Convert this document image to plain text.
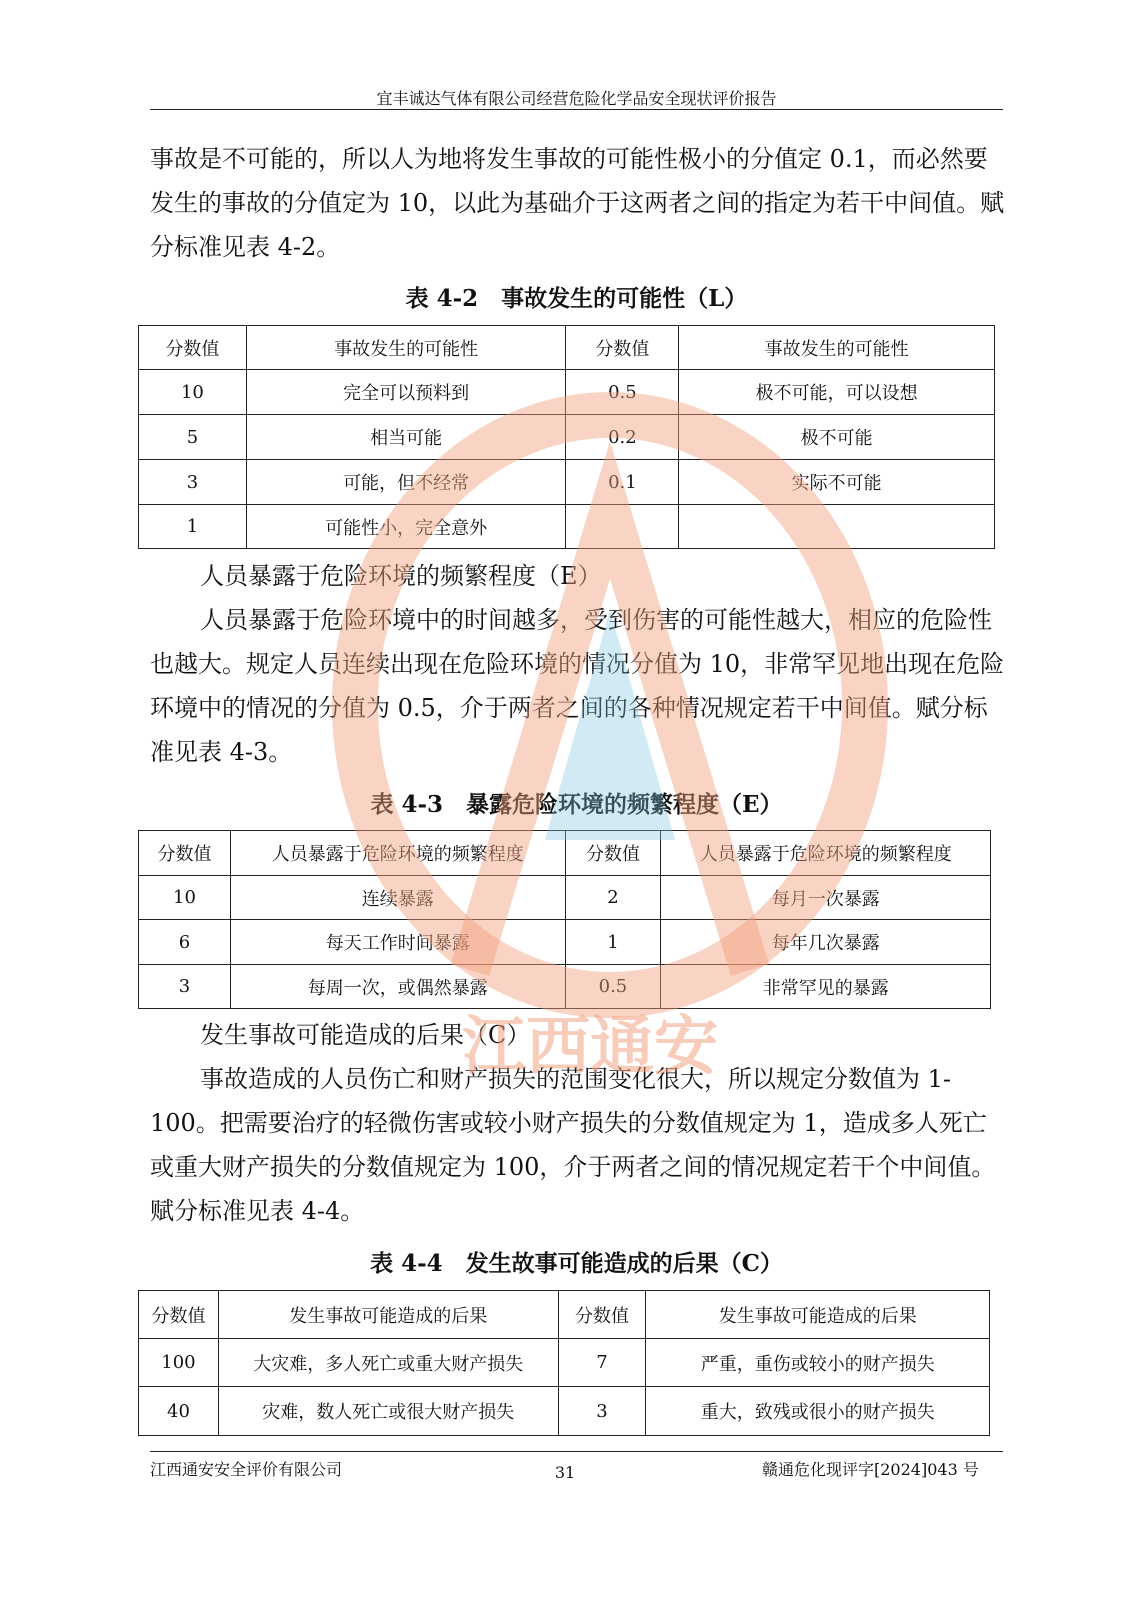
宜丰诚达气体有限公司经营危险化学品安全现状评价报告

事故是不可能的，所以人为地将发生事故的可能性极小的分值定 0.1，而必然要发生的事故的分值定为 10，以此为基础介于这两者之间的指定为若干中间值。赋分标准见表 4-2。

表 4-2　事故发生的可能性（L）
分数值	事故发生的可能性	分数值	事故发生的可能性
10	完全可以预料到	0.5	极不可能，可以设想
5	相当可能	0.2	极不可能
3	可能，但不经常	0.1	实际不可能
1	可能性小，完全意外		

人员暴露于危险环境的频繁程度（E）

人员暴露于危险环境中的时间越多，受到伤害的可能性越大，相应的危险性也越大。规定人员连续出现在危险环境的情况分值为 10，非常罕见地出现在危险环境中的情况的分值为 0.5，介于两者之间的各种情况规定若干中间值。赋分标准见表 4-3。

表 4-3　暴露危险环境的频繁程度（E）
分数值	人员暴露于危险环境的频繁程度	分数值	人员暴露于危险环境的频繁程度
10	连续暴露	2	每月一次暴露
6	每天工作时间暴露	1	每年几次暴露
3	每周一次，或偶然暴露	0.5	非常罕见的暴露

发生事故可能造成的后果（C）

事故造成的人员伤亡和财产损失的范围变化很大，所以规定分数值为 1-100。把需要治疗的轻微伤害或较小财产损失的分数值规定为 1，造成多人死亡或重大财产损失的分数值规定为 100，介于两者之间的情况规定若干个中间值。赋分标准见表 4-4。

表 4-4　发生故事可能造成的后果（C）
分数值	发生事故可能造成的后果	分数值	发生事故可能造成的后果
100	大灾难，多人死亡或重大财产损失	7	严重，重伤或较小的财产损失
40	灾难，数人死亡或很大财产损失	3	重大，致残或很小的财产损失
江西通安
江西通安安全评价有限公司	31	赣通危化现评字[2024]043 号
